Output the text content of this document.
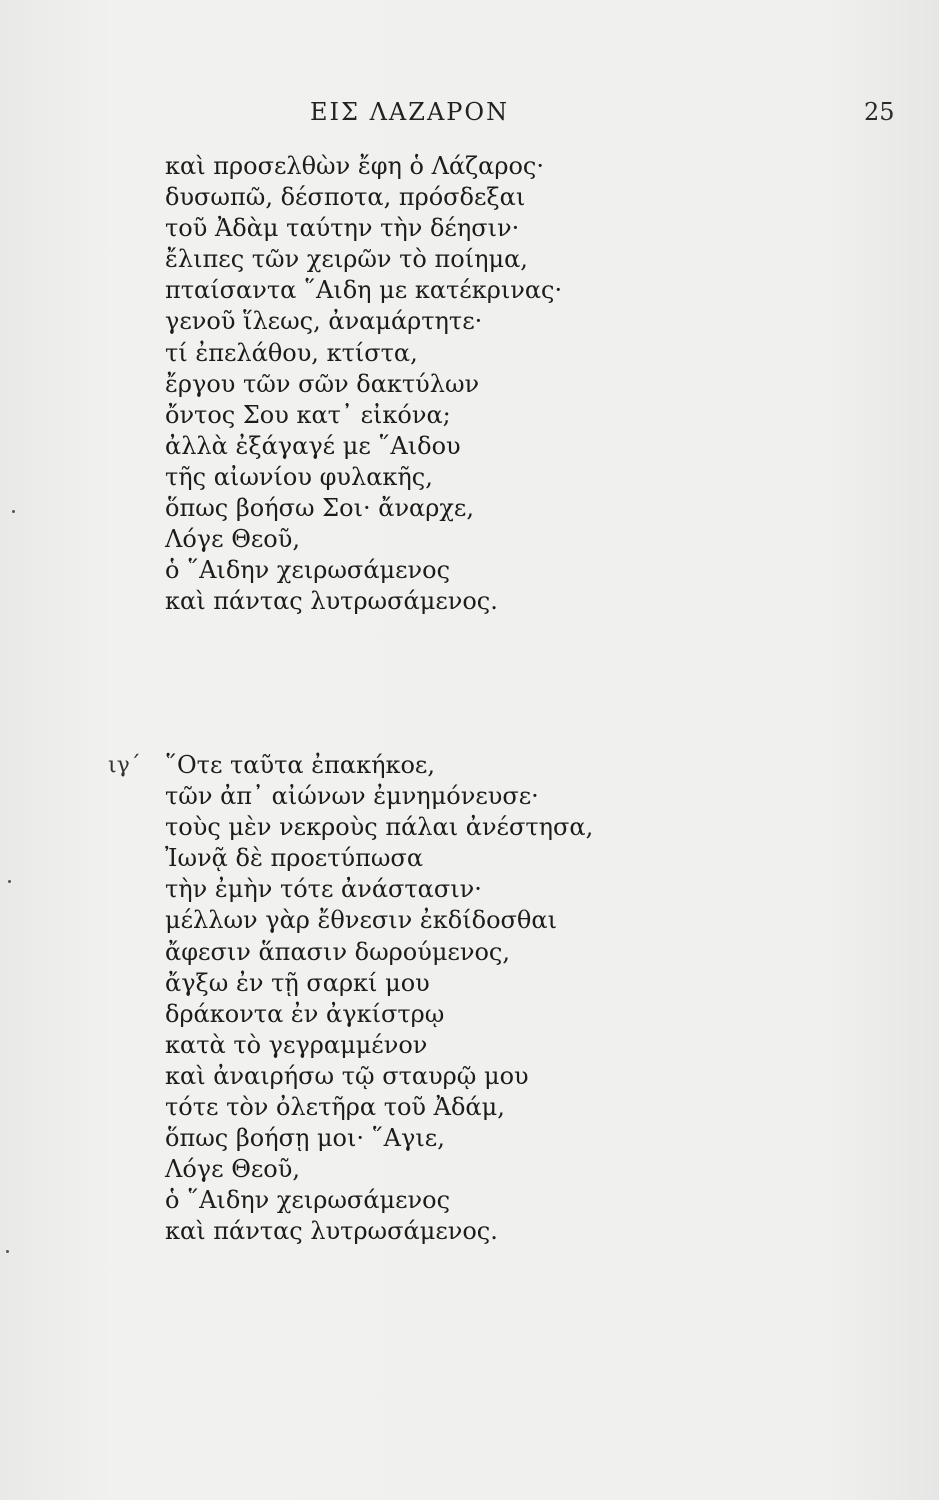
ΕΙΣ ΛΑΖΑΡΟΝ	25
καὶ προσελθὼν ἔφη ὁ Λάζαρος·
δυσωπῶ, δέσποτα, πρόσδεξαι
τοῦ Ἀδὰμ ταύτην τὴν δέησιν·
ἔλιπες τῶν χειρῶν τὸ ποίημα,
πταίσαντα ῞Αιδη με κατέκρινας·
γενοῦ ἵλεως, ἀναμάρτητε·
τί ἐπελάθου, κτίστα,
ἔργου τῶν σῶν δακτύλων
ὄντος Σου κατ᾽ εἰκόνα;
ἀλλὰ ἐξάγαγέ με ῞Αιδου
τῆς αἰωνίου φυλακῆς,
ὅπως βοήσω Σοι· ἄναρχε,
Λόγε Θεοῦ,
ὁ ῞Αιδην χειρωσάμενος
καὶ πάντας λυτρωσάμενος.
ιγ´ ῞Οτε ταῦτα ἐπακήκοε,
τῶν ἀπ᾽ αἰώνων ἐμνημόνευσε·
τοὺς μὲν νεκροὺς πάλαι ἀνέστησα,
Ἰωνᾷ δὲ προετύπωσα
τὴν ἐμὴν τότε ἀνάστασιν·
μέλλων γὰρ ἔθνεσιν ἐκδίδοσθαι
ἄφεσιν ἅπασιν δωρούμενος,
ἄγξω ἐν τῇ σαρκί μου
δράκοντα ἐν ἀγκίστρῳ
κατὰ τὸ γεγραμμένον
καὶ ἀναιρήσω τῷ σταυρῷ μου
τότε τὸν ὀλετῆρα τοῦ Ἀδάμ,
ὅπως βοήσῃ μοι· ῞Αγιε,
Λόγε Θεοῦ,
ὁ ῞Αιδην χειρωσάμενος
καὶ πάντας λυτρωσάμενος.
